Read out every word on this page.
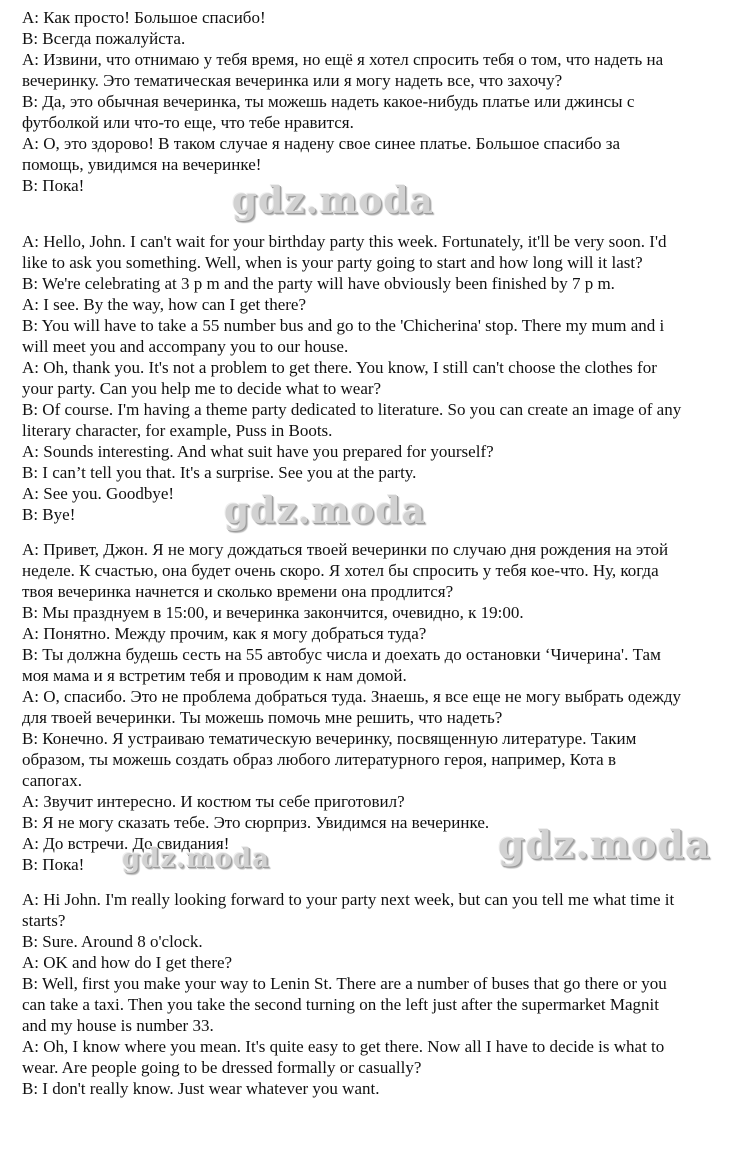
A: Как просто! Большое спасибо!
B: Всегда пожалуйста.
A: Извини, что отнимаю у тебя время, но ещё я хотел спросить тебя о том, что надеть на
вечеринку. Это тематическая вечеринка или я могу надеть все, что захочу?
B: Да, это обычная вечеринка, ты можешь надеть какое-нибудь платье или джинсы с
футболкой или что-то еще, что тебе нравится.
A: О, это здорово! В таком случае я надену свое синее платье. Большое спасибо за
помощь, увидимся на вечеринке!
B: Пока!
A: Hello, John. I can't wait for your birthday party this week. Fortunately, it'll be very soon. I'd
like to ask you something. Well, when is your party going to start and how long will it last?
B: We're celebrating at 3 p m and the party will have obviously been finished by 7 p m.
A: I see. By the way, how can I get there?
B: You will have to take a 55 number bus and go to the 'Chicherina' stop. There my mum and i
will meet you and accompany you to our house.
A: Oh, thank you. It's not a problem to get there. You know, I still can't choose the clothes for
your party. Can you help me to decide what to wear?
B: Of course. I'm having a theme party dedicated to literature. So you can create an image of any
literary character, for example, Puss in Boots.
A: Sounds interesting. And what suit have you prepared for yourself?
B: I can’t tell you that. It's a surprise. See you at the party.
A: See you. Goodbye!
B: Bye!
A: Привет, Джон. Я не могу дождаться твоей вечеринки по случаю дня рождения на этой
неделе. К счастью, она будет очень скоро. Я хотел бы спросить у тебя кое-что. Ну, когда
твоя вечеринка начнется и сколько времени она продлится?
B: Мы празднуем в 15:00, и вечеринка закончится, очевидно, к 19:00.
A: Понятно. Между прочим, как я могу добраться туда?
B: Ты должна будешь сесть на 55 автобус числа и доехать до остановки ‘Чичерина'. Там
моя мама и я встретим тебя и проводим к нам домой.
A: О, спасибо. Это не проблема добраться туда. Знаешь, я все еще не могу выбрать одежду
для твоей вечеринки. Ты можешь помочь мне решить, что надеть?
B: Конечно. Я устраиваю тематическую вечеринку, посвященную литературе. Таким
образом, ты можешь создать образ любого литературного героя, например, Кота в
сапогах.
A: Звучит интересно. И костюм ты себе приготовил?
B: Я не могу сказать тебе. Это сюрприз. Увидимся на вечеринке.
A: До встречи. До свидания!
B: Пока!
A: Hi John. I'm really looking forward to your party next week, but can you tell me what time it
starts?
B: Sure. Around 8 o'clock.
A: OK and how do I get there?
B: Well, first you make your way to Lenin St. There are a number of buses that go there or you
can take a taxi. Then you take the second turning on the left just after the supermarket Magnit
and my house is number 33.
A: Oh, I know where you mean. It's quite easy to get there. Now all I have to decide is what to
wear. Are people going to be dressed formally or casually?
B: I don't really know. Just wear whatever you want.
gdz.moda
gdz.moda
gdz.moda	gdz.moda
